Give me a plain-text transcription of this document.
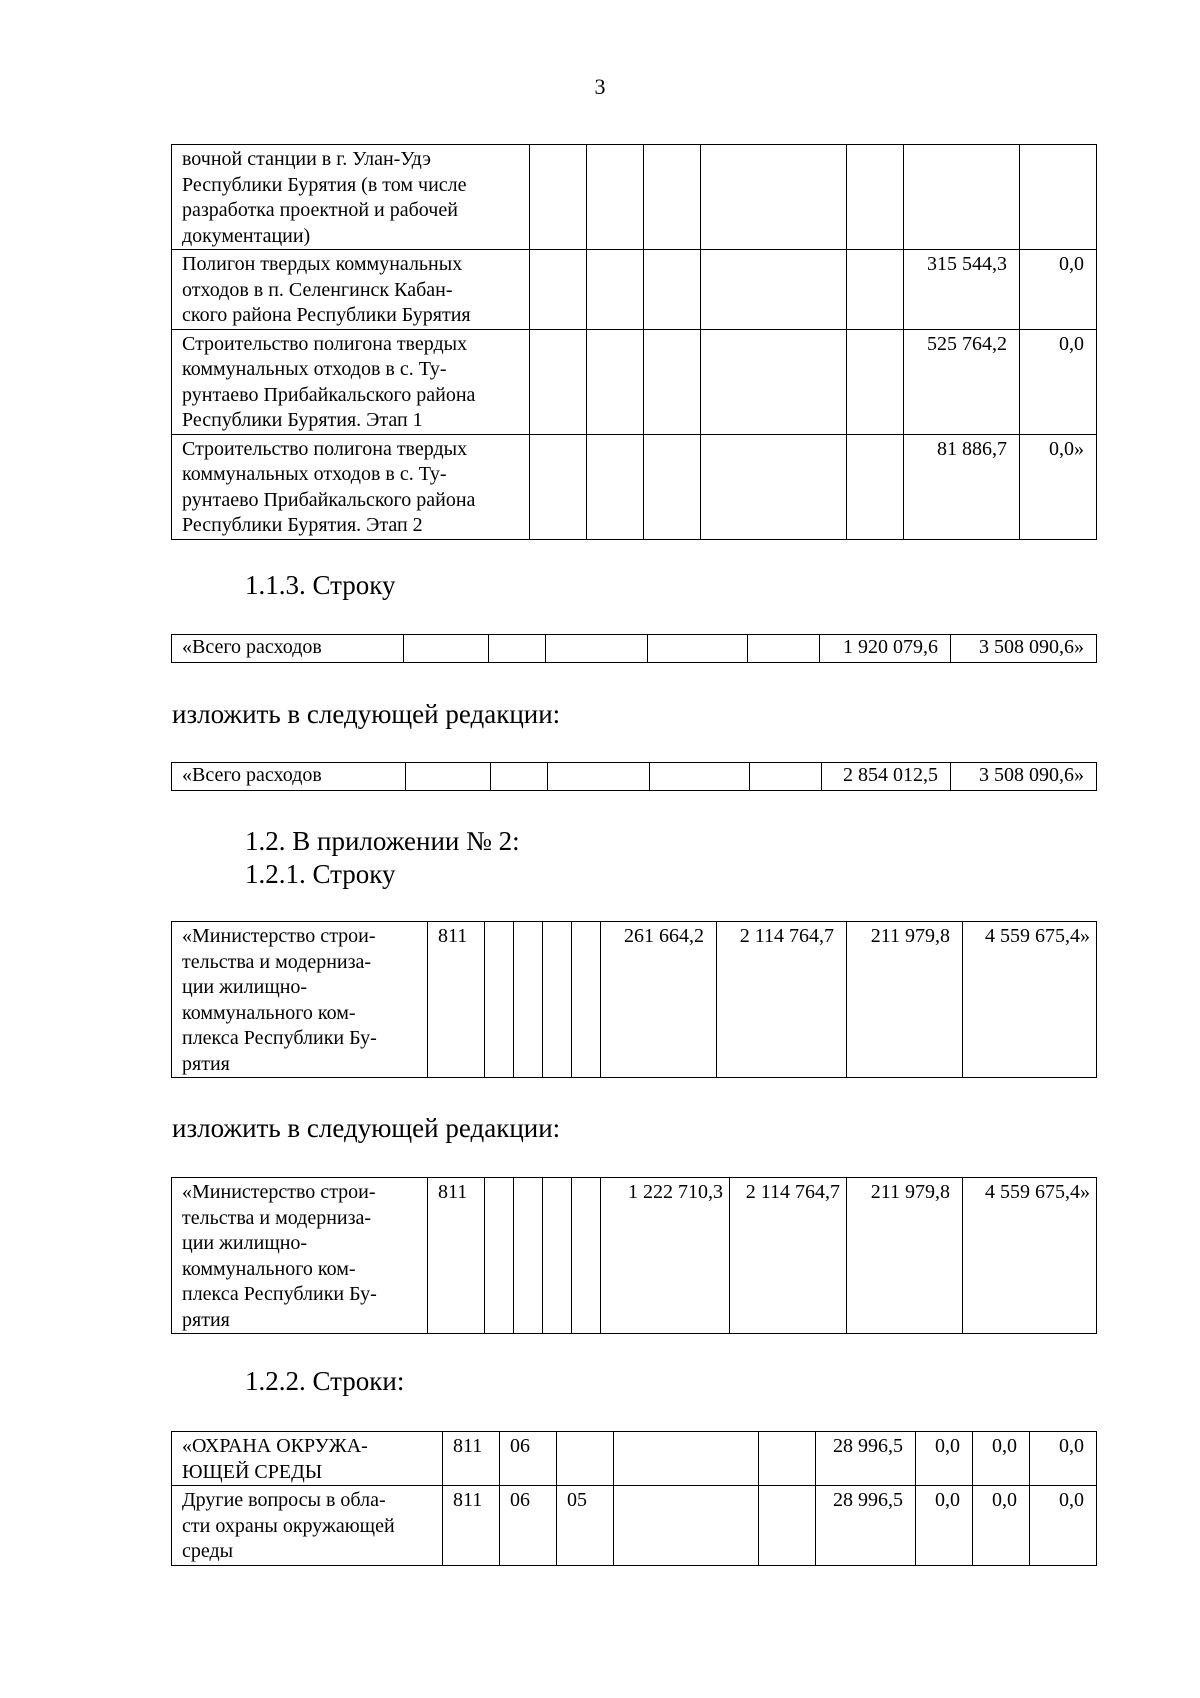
3
вочной станции в г. Улан-Удэ
Республики Бурятия (в том числе
разработка проектной и рабочей
документации)							

Полигон твердых коммунальных
отходов в п. Селенгинск Кабан-
ского района Республики Бурятия						315 544,3	0,0

Строительство полигона твердых
коммунальных отходов в с. Ту-
рунтаево Прибайкальского района
Республики Бурятия. Этап 1						525 764,2	0,0

Строительство полигона твердых
коммунальных отходов в с. Ту-
рунтаево Прибайкальского района
Республики Бурятия. Этап 2						81 886,7	0,0»
1.1.3. Строку
«Всего расходов						1 920 079,6	3 508 090,6»
изложить в следующей редакции:
«Всего расходов						2 854 012,5	3 508 090,6»
1.2. В приложении № 2:
1.2.1. Строку
«Министерство строи-
тельства и модерниза-
ции жилищно-
коммунального ком-
плекса Республики Бу-
рятия
	811					261 664,2	2 114 764,7	211 979,8	4 559 675,4»
изложить в следующей редакции:
«Министерство строи-
тельства и модерниза-
ции жилищно-
коммунального ком-
плекса Республики Бу-
рятия
	811					1 222 710,3	2 114 764,7	211 979,8	4 559 675,4»
1.2.2. Строки:
«ОХРАНА ОКРУЖА-
ЮЩЕЙ СРЕДЫ	811	06				28 996,5	0,0	0,0	0,0

Другие вопросы в обла-
сти охраны окружающей
среды	811	06	05			28 996,5	0,0	0,0	0,0
